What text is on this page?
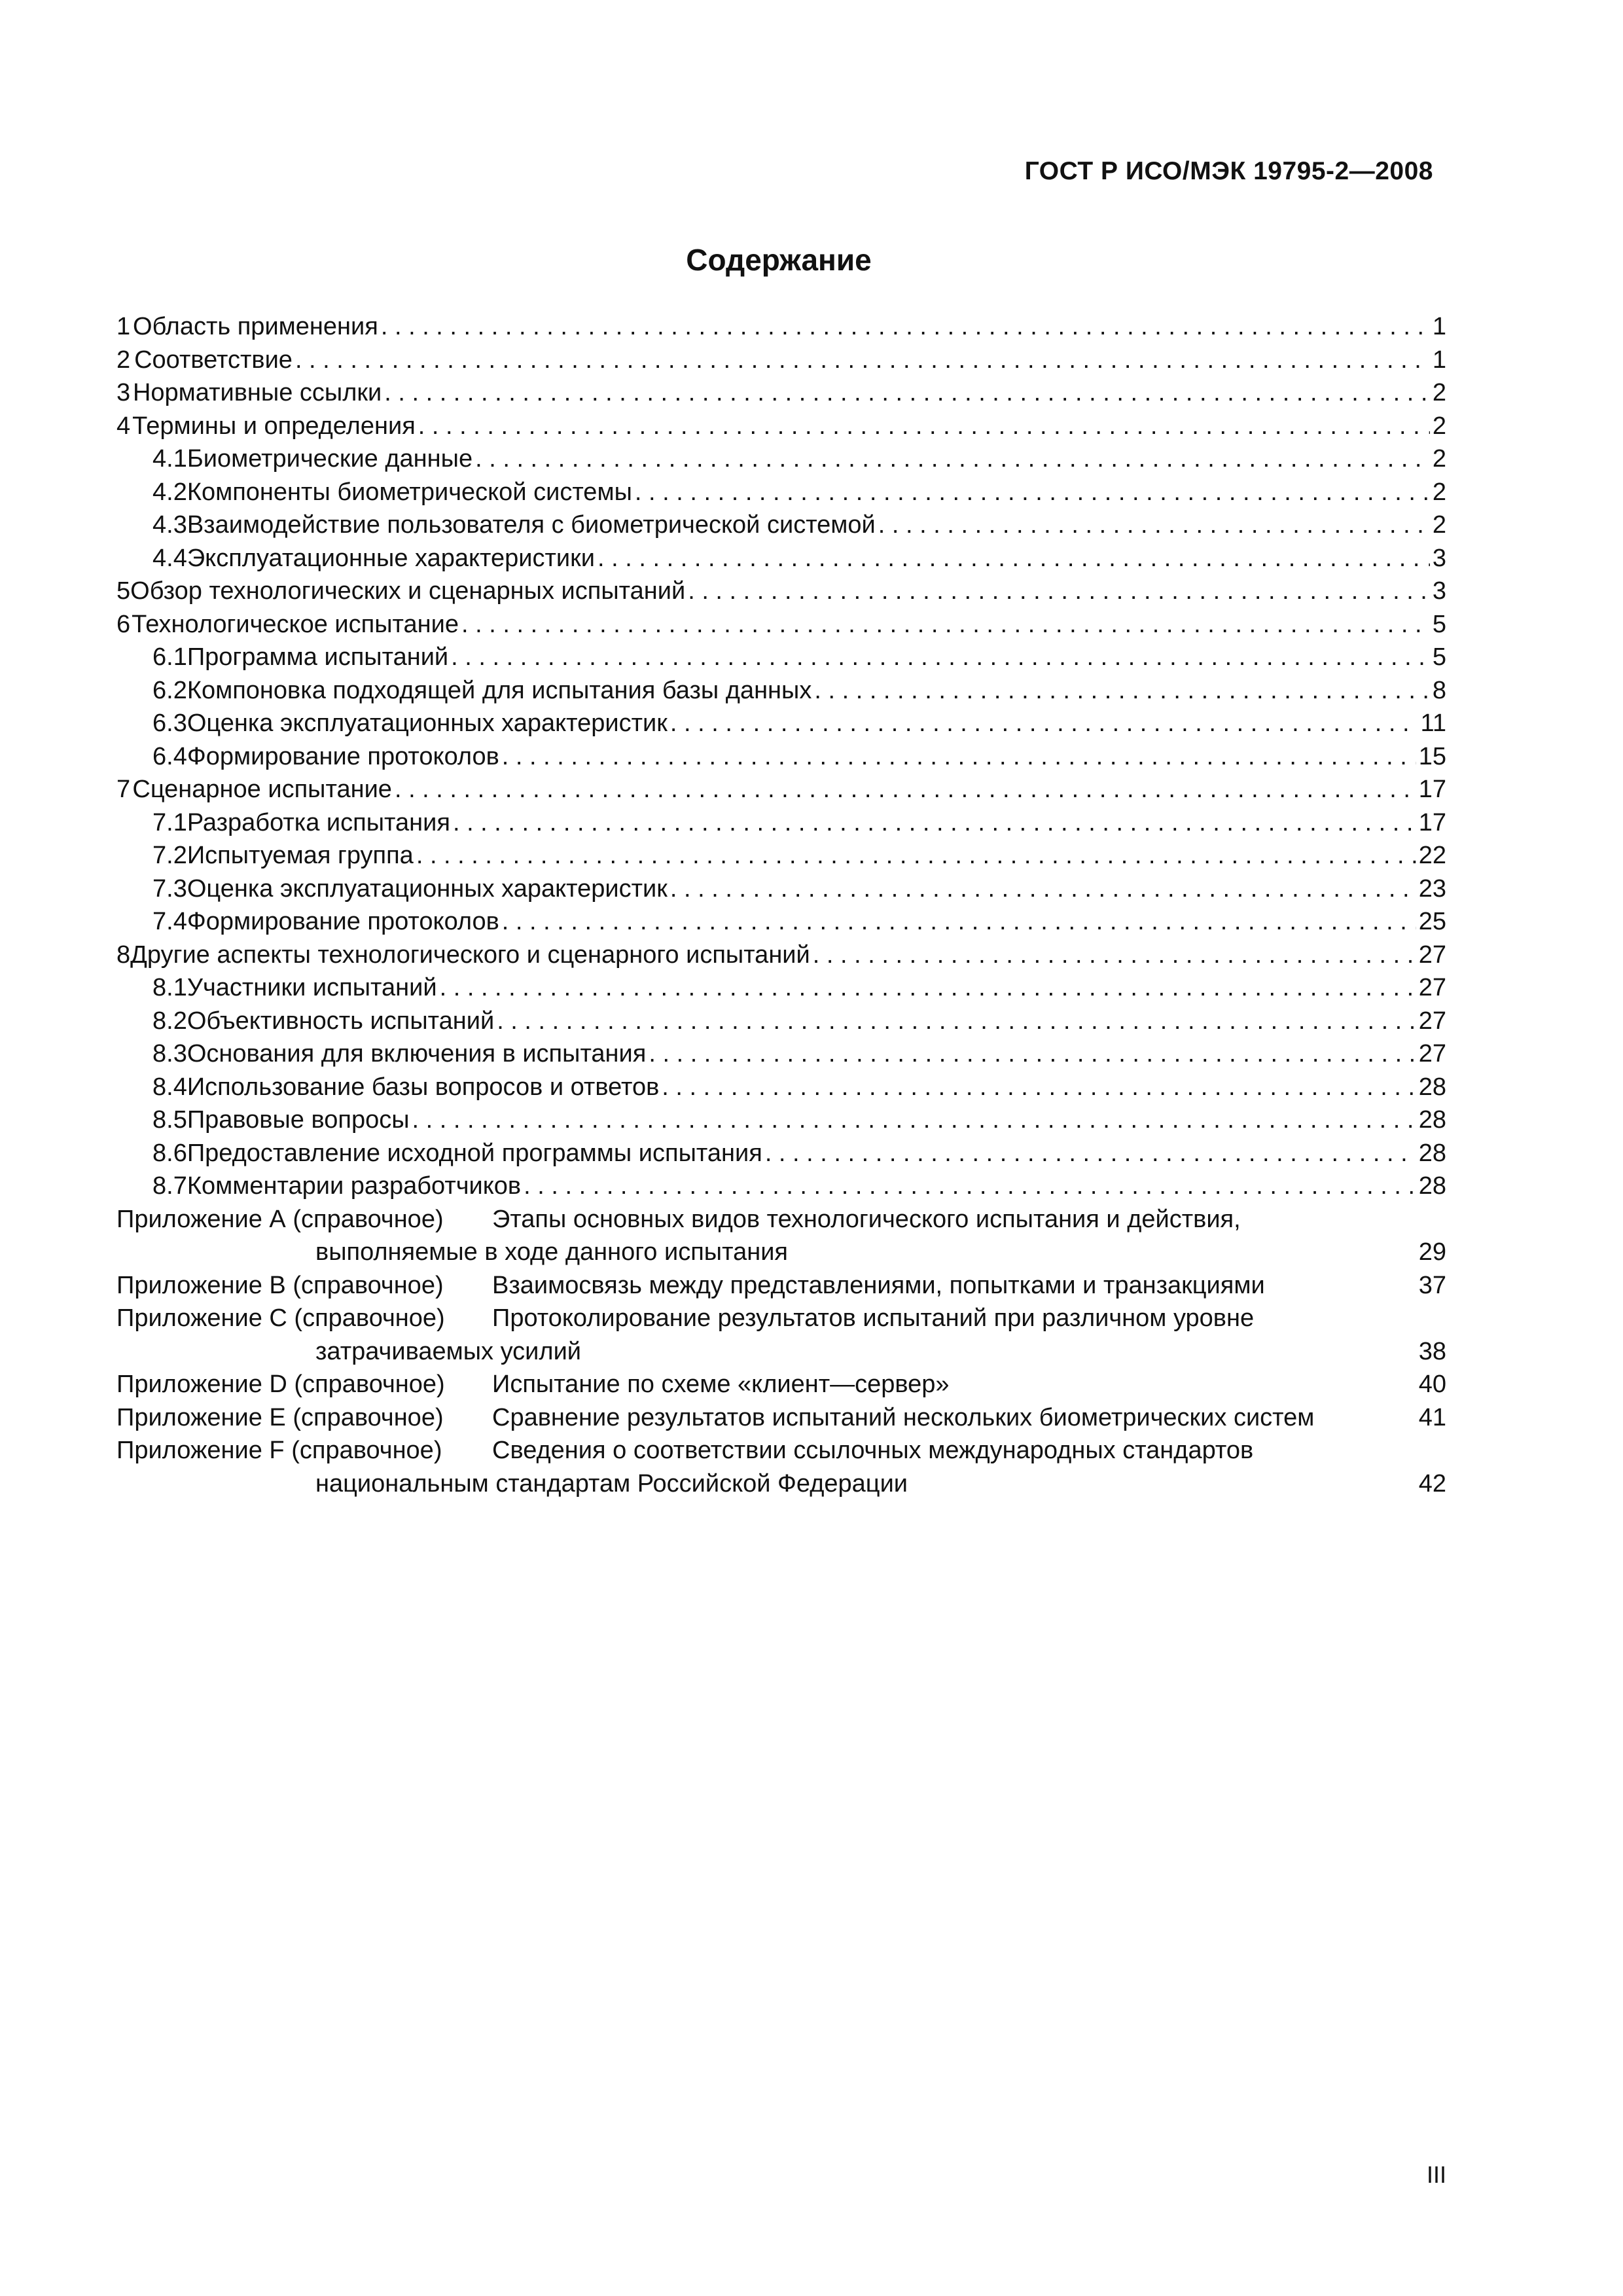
ГОСТ Р ИСО/МЭК 19795-2—2008
Содержание
1 Область применения . . .	1
2 Соответствие . . .	1
3 Нормативные ссылки . . .	2
4 Термины и определения . . .	2
4.1 Биометрические данные . . .	2
4.2 Компоненты биометрической системы . . .	2
4.3 Взаимодействие пользователя с биометрической системой . . .	2
4.4 Эксплуатационные характеристики . . .	3
5 Обзор технологических и сценарных испытаний . . .	3
6 Технологическое испытание . . .	5
6.1 Программа испытаний . . .	5
6.2 Компоновка подходящей для испытания базы данных . . .	8
6.3 Оценка эксплуатационных характеристик . . .	11
6.4 Формирование протоколов . . .	15
7 Сценарное испытание . . .	17
7.1 Разработка испытания . . .	17
7.2 Испытуемая группа . . .	22
7.3 Оценка эксплуатационных характеристик . . .	23
7.4 Формирование протоколов . . .	25
8 Другие аспекты технологического и сценарного испытаний . . .	27
8.1 Участники испытаний . . .	27
8.2 Объективность испытаний . . .	27
8.3 Основания для включения в испытания . . .	27
8.4 Использование базы вопросов и ответов . . .	28
8.5 Правовые вопросы . . .	28
8.6 Предоставление исходной программы испытания . . .	28
8.7 Комментарии разработчиков . . .	28
Приложение А (справочное)	Этапы основных видов технологического испытания и действия,
выполняемые в ходе данного испытания	29
Приложение В (справочное)	Взаимосвязь между представлениями, попытками и транзакциями	37
Приложение С (справочное)	Протоколирование результатов испытаний при различном уровне
затрачиваемых усилий	38
Приложение D (справочное)	Испытание по схеме «клиент—сервер»	40
Приложение Е (справочное)	Сравнение результатов испытаний нескольких биометрических систем	41
Приложение F (справочное)	Сведения о соответствии ссылочных международных стандартов
национальным стандартам Российской Федерации	42
III
